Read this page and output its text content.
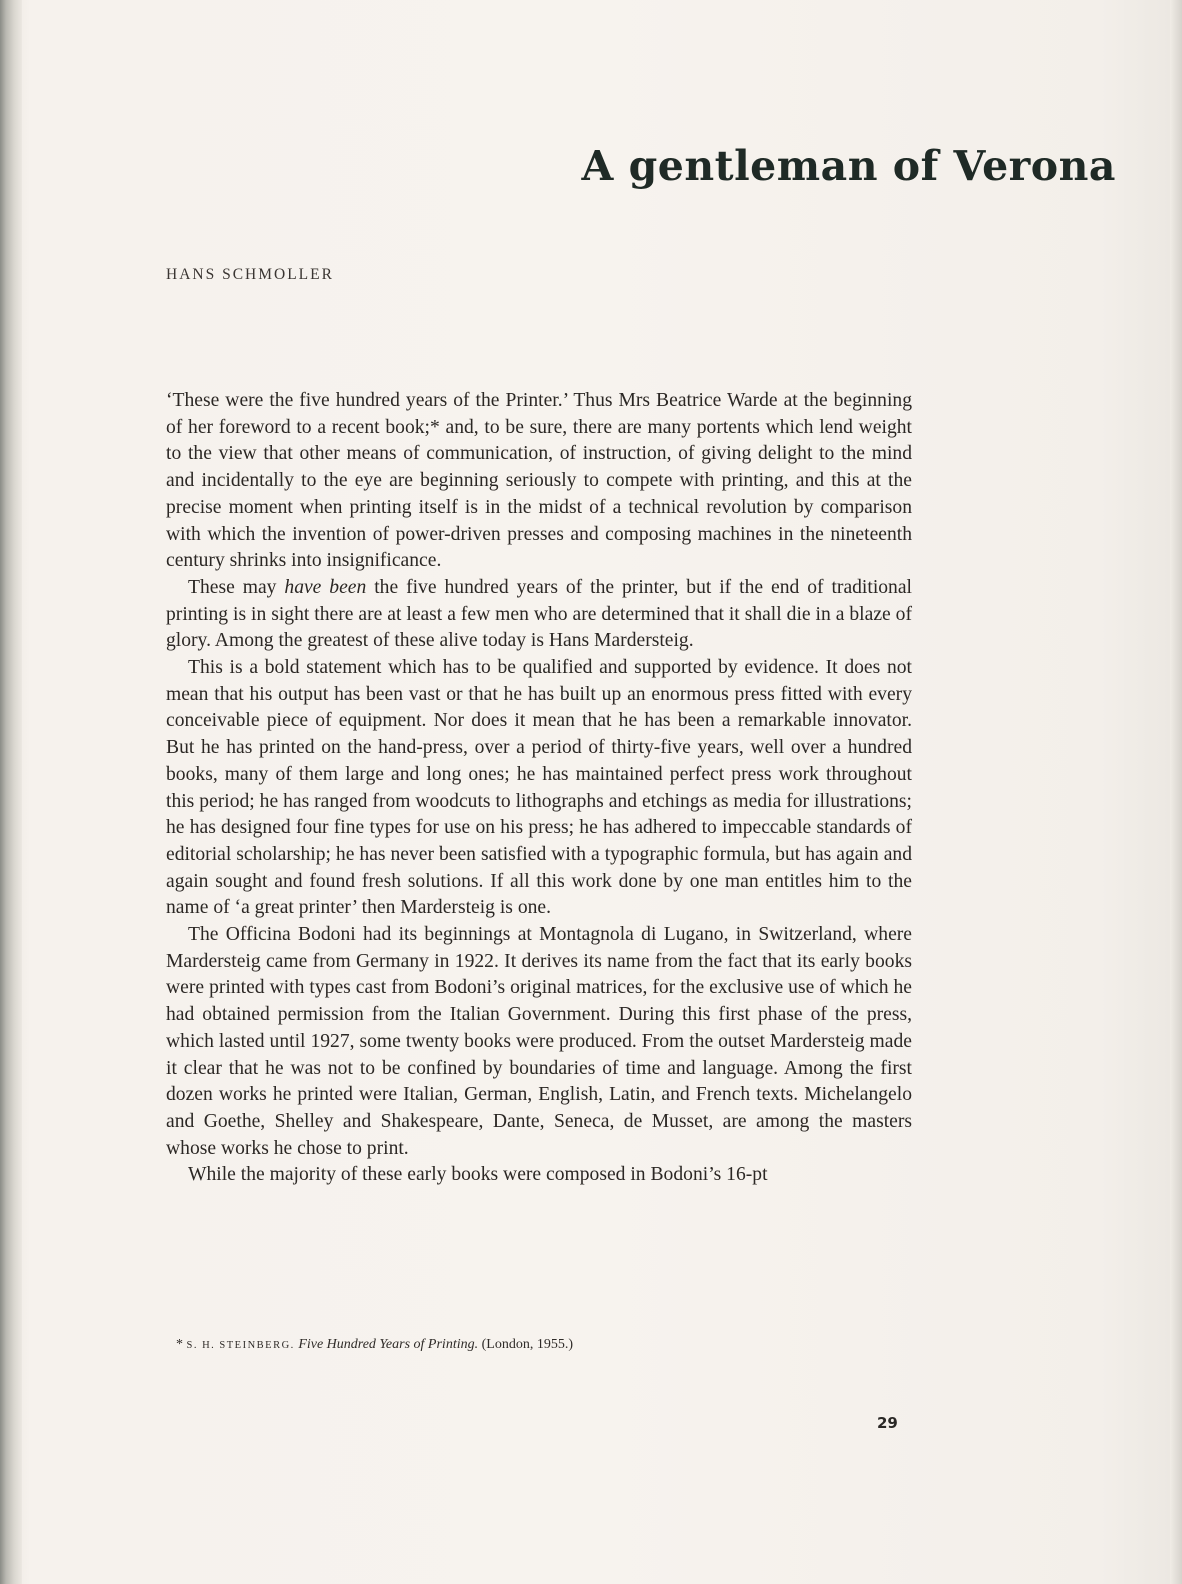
A gentleman of Verona
HANS SCHMOLLER

‘These were the five hundred years of the Printer.’ Thus Mrs Beatrice Warde at the beginning of her foreword to a recent book;* and, to be sure, there are many portents which lend weight to the view that other means of communication, of instruction, of giving delight to the mind and incidentally to the eye are beginning seriously to compete with printing, and this at the precise moment when printing itself is in the midst of a technical revolution by comparison with which the invention of power-driven presses and composing machines in the nineteenth century shrinks into insignificance.

These may have been the five hundred years of the printer, but if the end of traditional printing is in sight there are at least a few men who are determined that it shall die in a blaze of glory. Among the greatest of these alive today is Hans Mardersteig.

This is a bold statement which has to be qualified and supported by evidence. It does not mean that his output has been vast or that he has built up an enormous press fitted with every conceivable piece of equipment. Nor does it mean that he has been a remarkable innovator. But he has printed on the hand-press, over a period of thirty-five years, well over a hundred books, many of them large and long ones; he has maintained perfect press work throughout this period; he has ranged from woodcuts to lithographs and etchings as media for illustrations; he has designed four fine types for use on his press; he has adhered to impeccable standards of editorial scholarship; he has never been satisfied with a typographic formula, but has again and again sought and found fresh solutions. If all this work done by one man entitles him to the name of ‘a great printer’ then Mardersteig is one.

The Officina Bodoni had its beginnings at Montagnola di Lugano, in Switzerland, where Mardersteig came from Germany in 1922. It derives its name from the fact that its early books were printed with types cast from Bodoni’s original matrices, for the exclusive use of which he had obtained permission from the Italian Government. During this first phase of the press, which lasted until 1927, some twenty books were produced. From the outset Mardersteig made it clear that he was not to be confined by boundaries of time and language. Among the first dozen works he printed were Italian, German, English, Latin, and French texts. Michelangelo and Goethe, Shelley and Shakespeare, Dante, Seneca, de Musset, are among the masters whose works he chose to print.

While the majority of these early books were composed in Bodoni’s 16-pt

* S. H. STEINBERG. Five Hundred Years of Printing. (London, 1955.)
29
